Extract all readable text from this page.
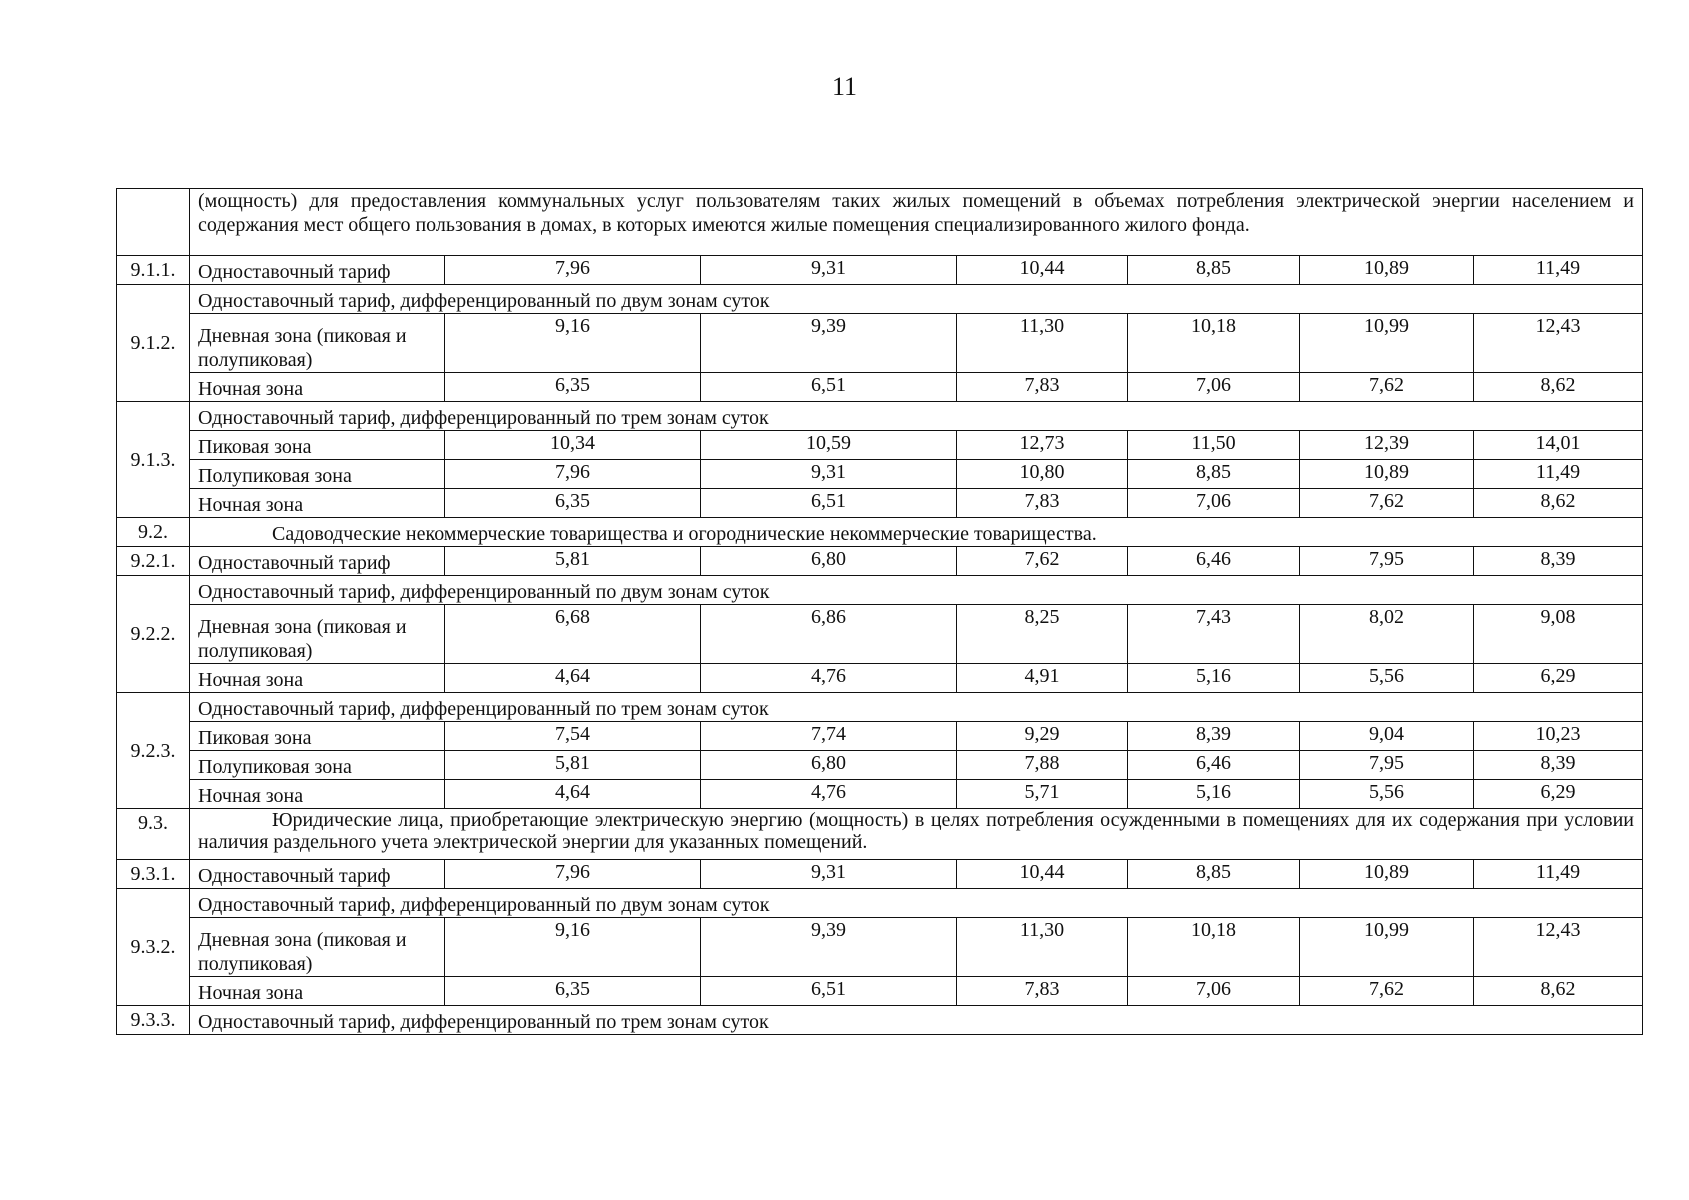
11
	(мощность) для предоставления коммунальных услуг пользователям таких жилых помещений в объемах потребления электрической энергии населением и содержания мест общего пользования в домах, в которых имеются жилые помещения специализированного жилого фонда.						
9.1.1.	Одноставочный тариф	7,96	9,31	10,44	8,85	10,89	11,49
9.1.2.	Одноставочный тариф, дифференцированный по двум зонам суток						
	Дневная зона (пиковая и полупиковая)	9,16	9,39	11,30	10,18	10,99	12,43
	Ночная зона	6,35	6,51	7,83	7,06	7,62	8,62
9.1.3.	Одноставочный тариф, дифференцированный по трем зонам суток						
	Пиковая зона	10,34	10,59	12,73	11,50	12,39	14,01
	Полупиковая зона	7,96	9,31	10,80	8,85	10,89	11,49
	Ночная зона	6,35	6,51	7,83	7,06	7,62	8,62
9.2.	Садоводческие некоммерческие товарищества и огороднические некоммерческие товарищества.						
9.2.1.	Одноставочный тариф	5,81	6,80	7,62	6,46	7,95	8,39
9.2.2.	Одноставочный тариф, дифференцированный по двум зонам суток						
	Дневная зона (пиковая и полупиковая)	6,68	6,86	8,25	7,43	8,02	9,08
	Ночная зона	4,64	4,76	4,91	5,16	5,56	6,29
9.2.3.	Одноставочный тариф, дифференцированный по трем зонам суток						
	Пиковая зона	7,54	7,74	9,29	8,39	9,04	10,23
	Полупиковая зона	5,81	6,80	7,88	6,46	7,95	8,39
	Ночная зона	4,64	4,76	5,71	5,16	5,56	6,29
9.3.	Юридические лица, приобретающие электрическую энергию (мощность) в целях потребления осужденными в помещениях для их содержания при условии наличия раздельного учета электрической энергии для указанных помещений.						
9.3.1.	Одноставочный тариф	7,96	9,31	10,44	8,85	10,89	11,49
9.3.2.	Одноставочный тариф, дифференцированный по двум зонам суток						
	Дневная зона (пиковая и полупиковая)	9,16	9,39	11,30	10,18	10,99	12,43
	Ночная зона	6,35	6,51	7,83	7,06	7,62	8,62
9.3.3.	Одноставочный тариф, дифференцированный по трем зонам суток						
